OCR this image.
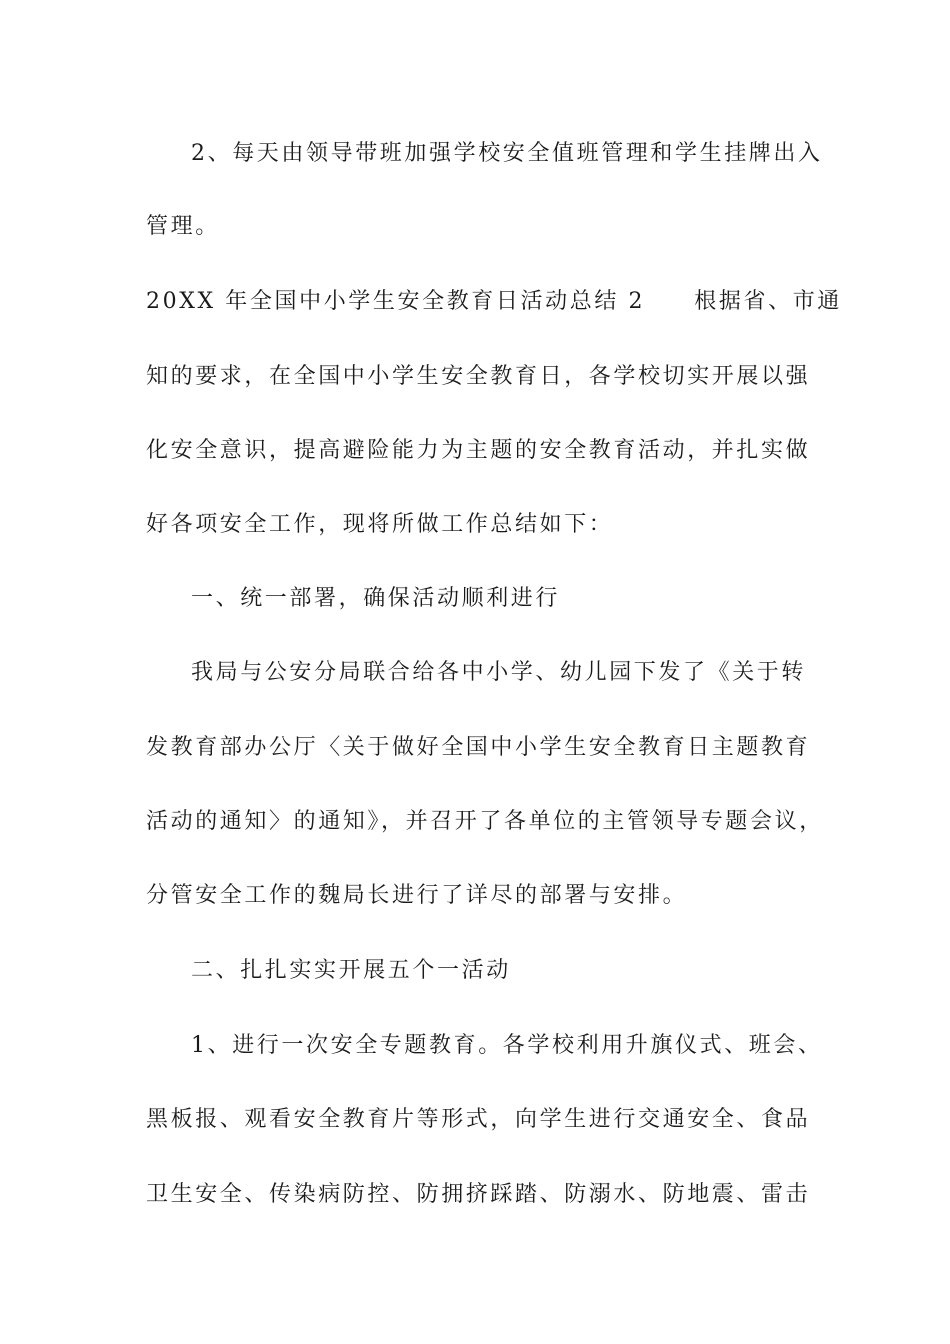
2、每天由领导带班加强学校安全值班管理和学生挂牌出入
管理。
20XX 年全国中小学生安全教育日活动总结 2　　根据省、市通
知的要求，在全国中小学生安全教育日，各学校切实开展以强
化安全意识，提高避险能力为主题的安全教育活动，并扎实做
好各项安全工作，现将所做工作总结如下：
一、统一部署，确保活动顺利进行
我局与公安分局联合给各中小学、幼儿园下发了《关于转
发教育部办公厅〈关于做好全国中小学生安全教育日主题教育
活动的通知〉的通知》，并召开了各单位的主管领导专题会议，
分管安全工作的魏局长进行了详尽的部署与安排。
二、扎扎实实开展五个一活动
1、进行一次安全专题教育。各学校利用升旗仪式、班会、
黑板报、观看安全教育片等形式，向学生进行交通安全、食品
卫生安全、传染病防控、防拥挤踩踏、防溺水、防地震、雷击
